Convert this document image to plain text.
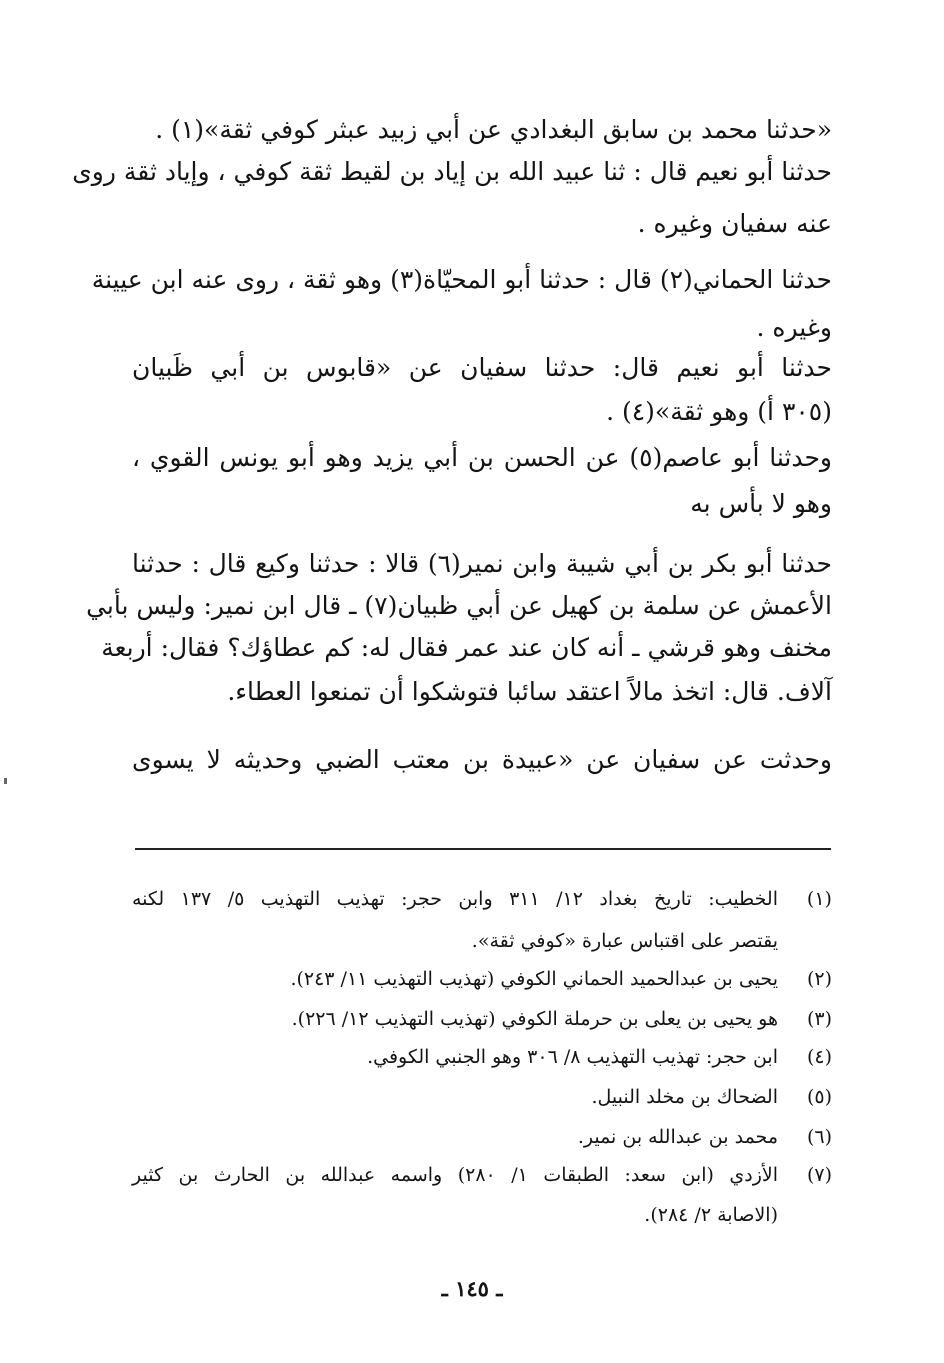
«حدثنا محمد بن سابق البغدادي عن أبي زبيد عبثر كوفي ثقة»(١) .
حدثنا أبو نعيم قال : ثنا عبيد الله بن إياد بن لقيط ثقة كوفي ، وإياد ثقة روى
عنه سفيان وغيره .
حدثنا الحماني(٢) قال : حدثنا أبو المحيّاة(٣) وهو ثقة ، روى عنه ابن عيينة
وغيره .
حدثنا أبو نعيم قال: حدثنا سفيان عن «قابوس بن أبي ظَبيان
(٣٠٥ أ) وهو ثقة»(٤) .
وحدثنا أبو عاصم(٥) عن الحسن بن أبي يزيد وهو أبو يونس القوي ،
وهو لا بأس به
حدثنا أبو بكر بن أبي شيبة وابن نمير(٦) قالا : حدثنا وكيع قال : حدثنا
الأعمش عن سلمة بن كهيل عن أبي ظبيان(٧) ـ قال ابن نمير: وليس بأبي
مخنف وهو قرشي ـ أنه كان عند عمر فقال له: كم عطاؤك؟ فقال: أربعة
آلاف. قال: اتخذ مالاً اعتقد سائبا فتوشكوا أن تمنعوا العطاء.
وحدثت عن سفيان عن «عبيدة بن معتب الضبي وحديثه لا يسوى
(١)الخطيب: تاريخ بغداد ١٢/ ٣١١ وابن حجر: تهذيب التهذيب ٥/ ١٣٧ لكنه
يقتصر على اقتباس عبارة «كوفي ثقة».
(٢)يحيى بن عبدالحميد الحماني الكوفي (تهذيب التهذيب ١١/ ٢٤٣).
(٣)هو يحيى بن يعلى بن حرملة الكوفي (تهذيب التهذيب ١٢/ ٢٢٦).
(٤)ابن حجر: تهذيب التهذيب ٨/ ٣٠٦ وهو الجنبي الكوفي.
(٥)الضحاك بن مخلد النبيل.
(٦)محمد بن عبدالله بن نمير.
(٧)الأزدي (ابن سعد: الطبقات ١/ ٢٨٠) واسمه عبدالله بن الحارث بن كثير
(الاصابة ٢/ ٢٨٤).
ـ ١٤٥ ـ
